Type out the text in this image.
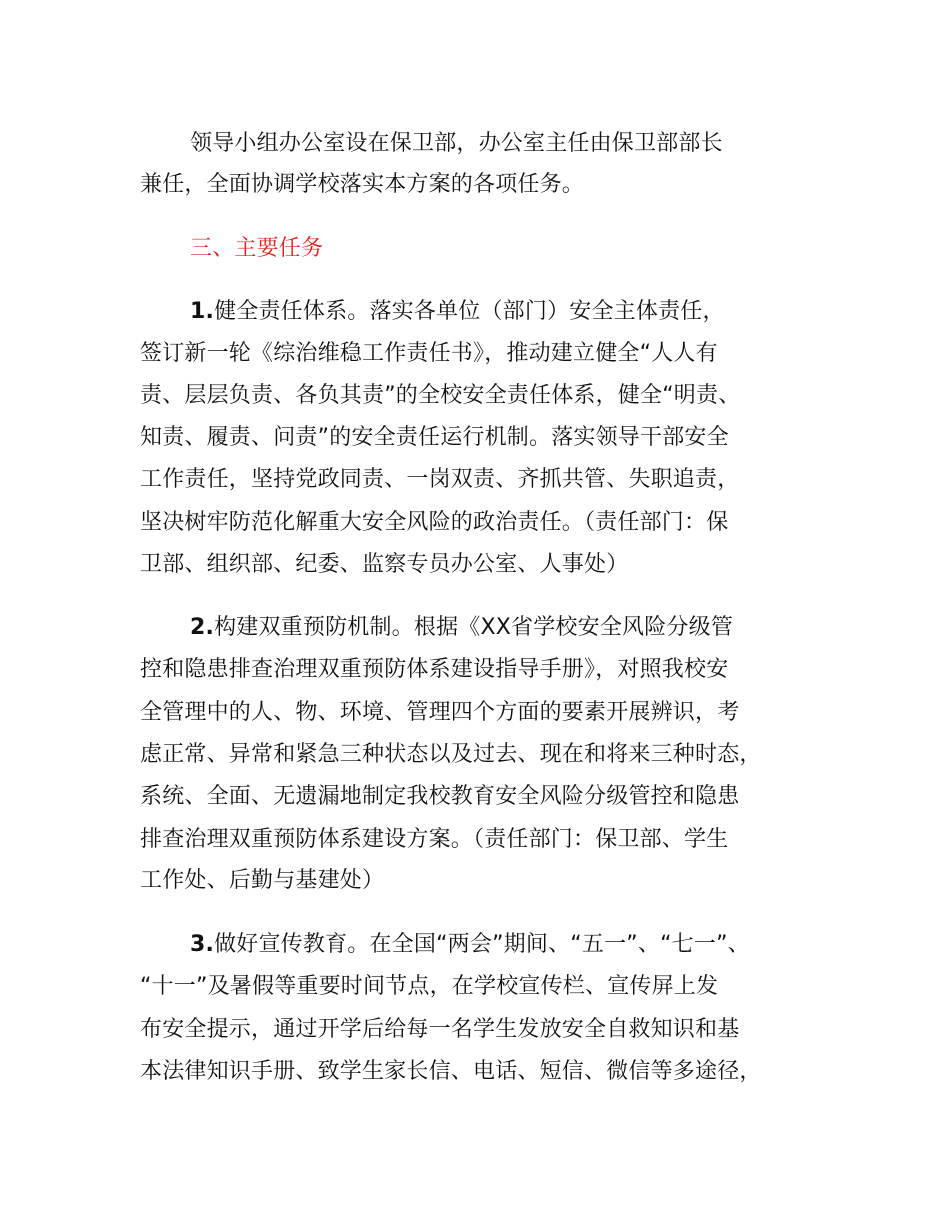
领导小组办公室设在保卫部，办公室主任由保卫部部长
兼任，全面协调学校落实本方案的各项任务。
三、主要任务
1.健全责任体系。落实各单位（部门）安全主体责任，
签订新一轮《综治维稳工作责任书》，推动建立健全“人人有
责、层层负责、各负其责”的全校安全责任体系，健全“明责、
知责、履责、问责”的安全责任运行机制。落实领导干部安全
工作责任，坚持党政同责、一岗双责、齐抓共管、失职追责，
坚决树牢防范化解重大安全风险的政治责任。（责任部门：保
卫部、组织部、纪委、监察专员办公室、人事处）
2.构建双重预防机制。根据《XX省学校安全风险分级管
控和隐患排查治理双重预防体系建设指导手册》，对照我校安
全管理中的人、物、环境、管理四个方面的要素开展辨识，考
虑正常、异常和紧急三种状态以及过去、现在和将来三种时态，
系统、全面、无遗漏地制定我校教育安全风险分级管控和隐患
排查治理双重预防体系建设方案。（责任部门：保卫部、学生
工作处、后勤与基建处）
3.做好宣传教育。在全国“两会”期间、“五一”、“七一”、
“十一”及暑假等重要时间节点，在学校宣传栏、宣传屏上发
布安全提示，通过开学后给每一名学生发放安全自救知识和基
本法律知识手册、致学生家长信、电话、短信、微信等多途径，
